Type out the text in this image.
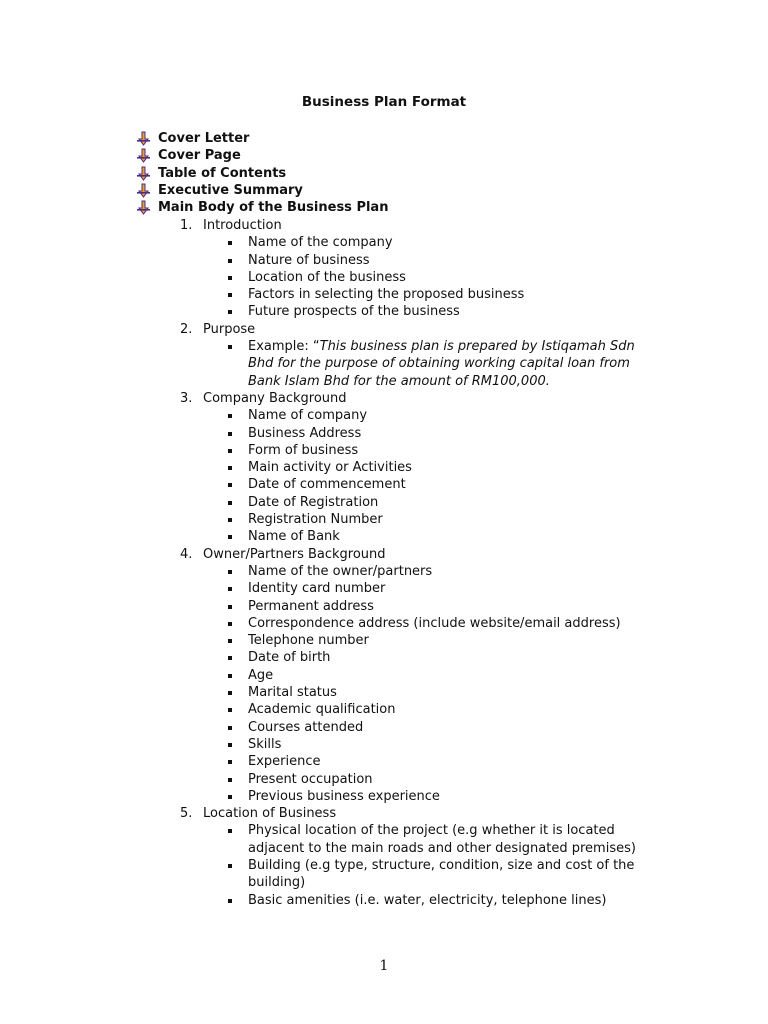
Business Plan Format
Cover Letter
Cover Page
Table of Contents
Executive Summary
Main Body of the Business Plan
1. Introduction
Name of the company
Nature of business
Location of the business
Factors in selecting the proposed business
Future prospects of the business
2. Purpose
Example: “This business plan is prepared by Istiqamah Sdn Bhd for the purpose of obtaining working capital loan from Bank Islam Bhd for the amount of RM100,000.
3. Company Background
Name of company
Business Address
Form of business
Main activity or Activities
Date of commencement
Date of Registration
Registration Number
Name of Bank
4. Owner/Partners Background
Name of the owner/partners
Identity card number
Permanent address
Correspondence address (include website/email address)
Telephone number
Date of birth
Age
Marital status
Academic qualification
Courses attended
Skills
Experience
Present occupation
Previous business experience
5. Location of Business
Physical location of the project (e.g whether it is located adjacent to the main roads and other designated premises)
Building (e.g type, structure, condition, size and cost of the building)
Basic amenities (i.e. water, electricity, telephone lines)
1
